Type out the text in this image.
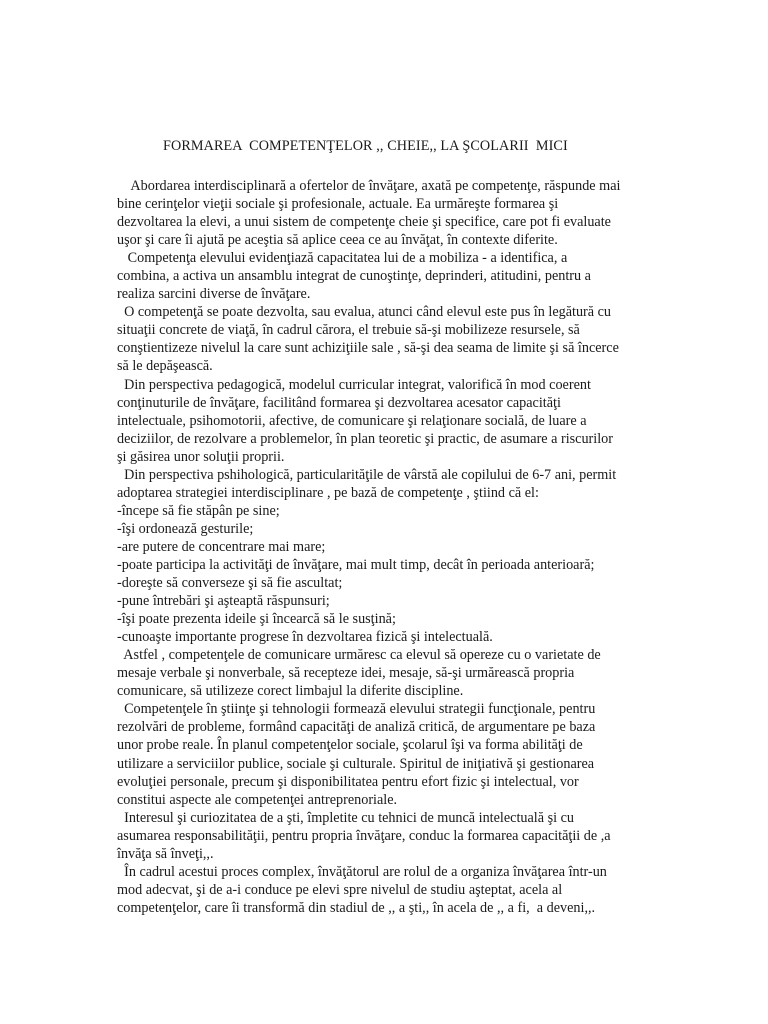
FORMAREA  COMPETENŢELOR ,, CHEIE,, LA ŞCOLARII  MICI
Abordarea interdisciplinară a ofertelor de învăţare, axată pe competenţe, răspunde mai
bine cerinţelor vieţii sociale şi profesionale, actuale. Ea urmăreşte formarea şi
dezvoltarea la elevi, a unui sistem de competenţe cheie şi specifice, care pot fi evaluate
uşor şi care îi ajută pe aceştia să aplice ceea ce au învăţat, în contexte diferite.
Competenţa elevului evidenţiază capacitatea lui de a mobiliza - a identifica, a
combina, a activa un ansamblu integrat de cunoştinţe, deprinderi, atitudini, pentru a
realiza sarcini diverse de învăţare.
O competenţă se poate dezvolta, sau evalua, atunci când elevul este pus în legătură cu
situaţii concrete de viaţă, în cadrul cărora, el trebuie să-şi mobilizeze resursele, să
conştientizeze nivelul la care sunt achiziţiile sale , să-şi dea seama de limite şi să încerce
să le depăşească.
Din perspectiva pedagogică, modelul curricular integrat, valorifică în mod coerent
conţinuturile de învăţare, facilitând formarea şi dezvoltarea acesator capacităţi
intelectuale, psihomotorii, afective, de comunicare şi relaţionare socială, de luare a
deciziilor, de rezolvare a problemelor, în plan teoretic şi practic, de asumare a riscurilor
şi găsirea unor soluţii proprii.
Din perspectiva pshihologică, particularităţile de vârstă ale copilului de 6-7 ani, permit
adoptarea strategiei interdisciplinare , pe bază de competenţe , ştiind că el:
-începe să fie stăpân pe sine;
-îşi ordonează gesturile;
-are putere de concentrare mai mare;
-poate participa la activităţi de învăţare, mai mult timp, decât în perioada anterioară;
-doreşte să converseze şi să fie ascultat;
-pune întrebări şi aşteaptă răspunsuri;
-îşi poate prezenta ideile şi încearcă să le susţină;
-cunoaşte importante progrese în dezvoltarea fizică şi intelectuală.
Astfel , competenţele de comunicare urmăresc ca elevul să opereze cu o varietate de
mesaje verbale şi nonverbale, să recepteze idei, mesaje, să-şi urmărească propria
comunicare, să utilizeze corect limbajul la diferite discipline.
Competenţele în ştiinţe şi tehnologii formează elevului strategii funcţionale, pentru
rezolvări de probleme, formând capacităţi de analiză critică, de argumentare pe baza
unor probe reale. În planul competenţelor sociale, şcolarul îşi va forma abilităţi de
utilizare a serviciilor publice, sociale şi culturale. Spiritul de iniţiativă şi gestionarea
evoluţiei personale, precum şi disponibilitatea pentru efort fizic şi intelectual, vor
constitui aspecte ale competenţei antreprenoriale.
Interesul şi curiozitatea de a şti, împletite cu tehnici de muncă intelectuală şi cu
asumarea responsabilităţii, pentru propria învăţare, conduc la formarea capacităţii de ,a
învăţa să înveţi,,.
În cadrul acestui proces complex, învăţătorul are rolul de a organiza învăţarea într-un
mod adecvat, şi de a-i conduce pe elevi spre nivelul de studiu aşteptat, acela al
competenţelor, care îi transformă din stadiul de ,, a şti,, în acela de ,, a fi,  a deveni,,.
